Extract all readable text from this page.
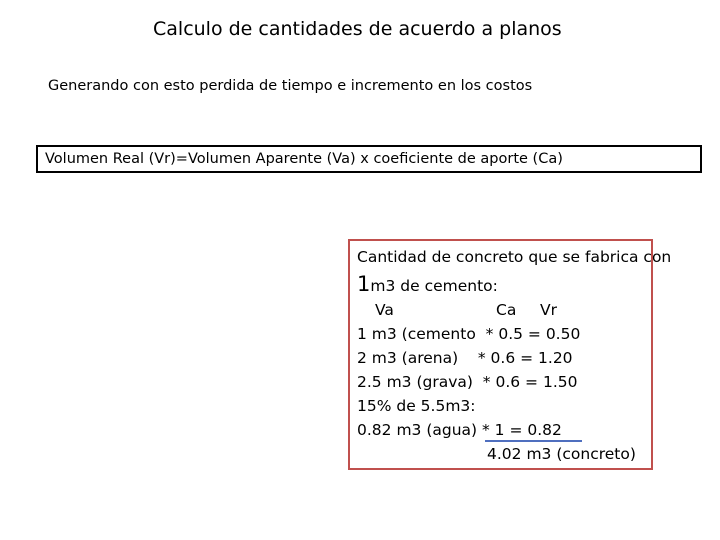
Calculo de cantidades de acuerdo a planos
Generando con esto perdida de tiempo e incremento en los costos
Volumen Real (Vr)=Volumen Aparente (Va) x coeficiente de aporte (Ca)
Cantidad de concreto que se fabrica con
1m3 de cemento:
Va	Ca Vr
1 m3 (cemento  * 0.5 = 0.50
2 m3 (arena)    * 0.6 = 1.20
2.5 m3 (grava)  * 0.6 = 1.50
15% de 5.5m3:
0.82 m3 (agua) * 1 = 0.82
4.02 m3 (concreto)
